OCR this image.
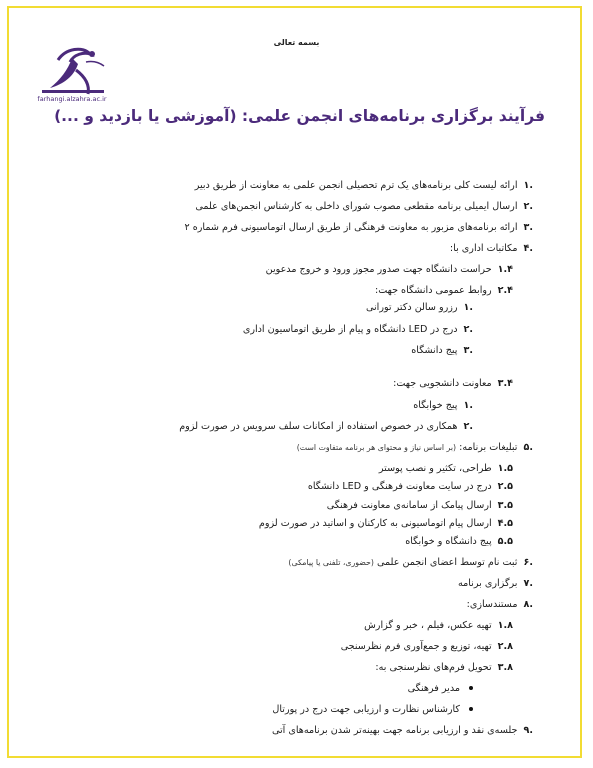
بسمه تعالی
farhangi.alzahra.ac.ir
فرآیند برگزاری برنامه‌های انجمن علمی: (آموزشی یا بازدید و ...)
.۱ارائه لیست کلی برنامه‌های یک ترم تحصیلی انجمن علمی به معاونت از طریق دبیر
.۲ارسال ایمیلی برنامه مقطعی مصوب شورای داخلی به کارشناس انجمن‌های علمی
.۳ارائه برنامه‌های مزبور به معاونت فرهنگی از طریق ارسال اتوماسیونی فرم شماره ۲
.۴مکاتبات اداری با:
۱.۴حراست دانشگاه جهت صدور مجوز ورود و خروج مدعوین
۲.۴روابط عمومی دانشگاه جهت:
.۱رزرو سالن دکتر تورانی
.۲درج در LED دانشگاه و پیام از طریق اتوماسیون اداری
.۳پیج دانشگاه
۳.۴معاونت دانشجویی جهت:
.۱پیج خوابگاه
.۲همکاری در خصوص استفاده از امکانات سلف سرویس در صورت لزوم
.۵تبلیغات برنامه: (بر اساس نیاز و محتوای هر برنامه متفاوت است)
۱.۵طراحی، تکثیر و نصب پوستر
۲.۵درج در سایت معاونت فرهنگی و LED دانشگاه
۳.۵ارسال پیامک از سامانه‌ی معاونت فرهنگی
۴.۵ارسال پیام اتوماسیونی به کارکنان و اساتید در صورت لزوم
۵.۵پیج دانشگاه و خوابگاه
.۶ثبت نام توسط اعضای انجمن علمی (حضوری، تلفنی یا پیامکی)
.۷برگزاری برنامه
.۸مستندسازی:
۱.۸تهیه عکس، فیلم ، خبر و گزارش
۲.۸تهیه، توزیع و جمع‌آوری فرم نظرسنجی
۳.۸تحویل فرم‌های نظرسنجی به:
مدیر فرهنگی
کارشناس نظارت و ارزیابی جهت درج در پورتال
.۹جلسه‌ی نقد و ارزیابی برنامه جهت بهینه‌تر شدن برنامه‌های آتی
